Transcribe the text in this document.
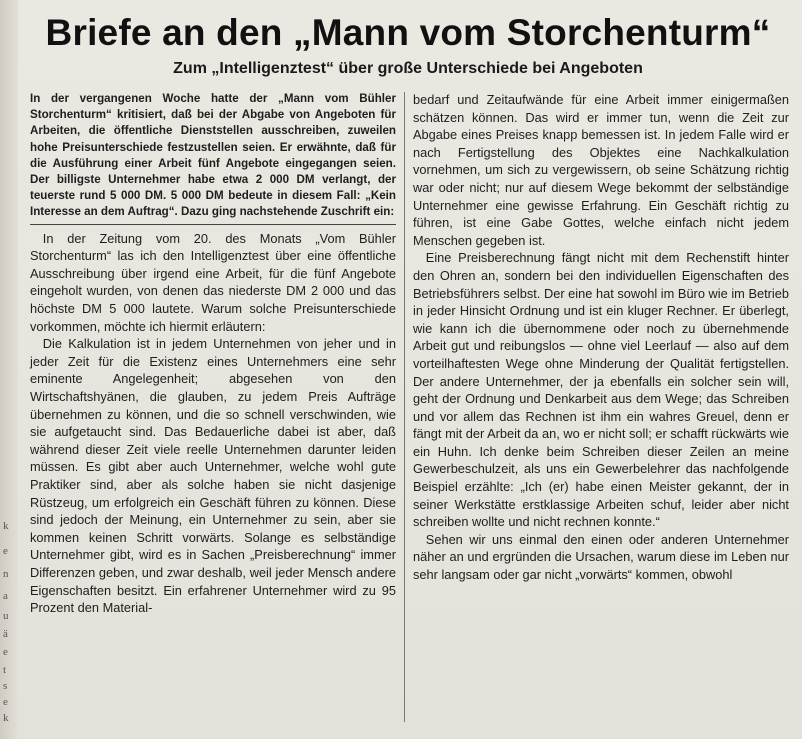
k
e
n
a
u
ä
e
t
s
e
k
Briefe an den „Mann vom Storchenturm“
Zum „Intelligenztest“ über große Unterschiede bei Angeboten
In der vergangenen Woche hatte der „Mann vom Bühler Storchenturm“ kritisiert, daß bei der Abgabe von Angeboten für Arbeiten, die öffentliche Dienststellen ausschreiben, zuweilen hohe Preisunterschiede festzustellen seien. Er erwähnte, daß für die Ausführung einer Arbeit fünf Angebote eingegangen seien. Der billigste Unternehmer habe etwa 2 000 DM verlangt, der teuerste rund 5 000 DM. 5 000 DM bedeute in diesem Fall: „Kein Interesse an dem Auftrag“. Dazu ging nachstehende Zuschrift ein:

In der Zeitung vom 20. des Monats „Vom Bühler Storchenturm“ las ich den Intelligenztest über eine öffentliche Ausschreibung über irgend eine Arbeit, für die fünf Angebote eingeholt wurden, von denen das niederste DM 2 000 und das höchste DM 5 000 lautete. Warum solche Preisunterschiede vorkommen, möchte ich hiermit erläutern:

Die Kalkulation ist in jedem Unternehmen von jeher und in jeder Zeit für die Existenz eines Unternehmers eine sehr eminente Angelegenheit; abgesehen von den Wirtschaftshyänen, die glauben, zu jedem Preis Aufträge übernehmen zu können, und die so schnell verschwinden, wie sie aufgetaucht sind. Das Bedauerliche dabei ist aber, daß während dieser Zeit viele reelle Unternehmen darunter leiden müssen. Es gibt aber auch Unternehmer, welche wohl gute Praktiker sind, aber als solche haben sie nicht dasjenige Rüstzeug, um erfolgreich ein Geschäft führen zu können. Diese sind jedoch der Meinung, ein Unternehmer zu sein, aber sie kommen keinen Schritt vorwärts. Solange es selbständige Unternehmer gibt, wird es in Sachen „Preisberechnung“ immer Differenzen geben, und zwar deshalb, weil jeder Mensch andere Eigenschaften besitzt. Ein erfahrener Unternehmer wird zu 95 Prozent den Material-

bedarf und Zeitaufwände für eine Arbeit immer einigermaßen schätzen können. Das wird er immer tun, wenn die Zeit zur Abgabe eines Preises knapp bemessen ist. In jedem Falle wird er nach Fertigstellung des Objektes eine Nachkalkulation vornehmen, um sich zu vergewissern, ob seine Schätzung richtig war oder nicht; nur auf diesem Wege bekommt der selbständige Unternehmer eine gewisse Erfahrung. Ein Geschäft richtig zu führen, ist eine Gabe Gottes, welche einfach nicht jedem Menschen gegeben ist.

Eine Preisberechnung fängt nicht mit dem Rechenstift hinter den Ohren an, sondern bei den individuellen Eigenschaften des Betriebsführers selbst. Der eine hat sowohl im Büro wie im Betrieb in jeder Hinsicht Ordnung und ist ein kluger Rechner. Er überlegt, wie kann ich die übernommene oder noch zu übernehmende Arbeit gut und reibungslos — ohne viel Leerlauf — also auf dem vorteilhaftesten Wege ohne Minderung der Qualität fertigstellen. Der andere Unternehmer, der ja ebenfalls ein solcher sein will, geht der Ordnung und Denkarbeit aus dem Wege; das Schreiben und vor allem das Rechnen ist ihm ein wahres Greuel, denn er fängt mit der Arbeit da an, wo er nicht soll; er schafft rückwärts wie ein Huhn. Ich denke beim Schreiben dieser Zeilen an meine Gewerbeschulzeit, als uns ein Gewerbelehrer das nachfolgende Beispiel erzählte: „Ich (er) habe einen Meister gekannt, der in seiner Werkstätte erstklassige Arbeiten schuf, leider aber nicht schreiben wollte und nicht rechnen konnte.“

Sehen wir uns einmal den einen oder anderen Unternehmer näher an und ergründen die Ursachen, warum diese im Leben nur sehr langsam oder gar nicht „vorwärts“ kommen, obwohl
